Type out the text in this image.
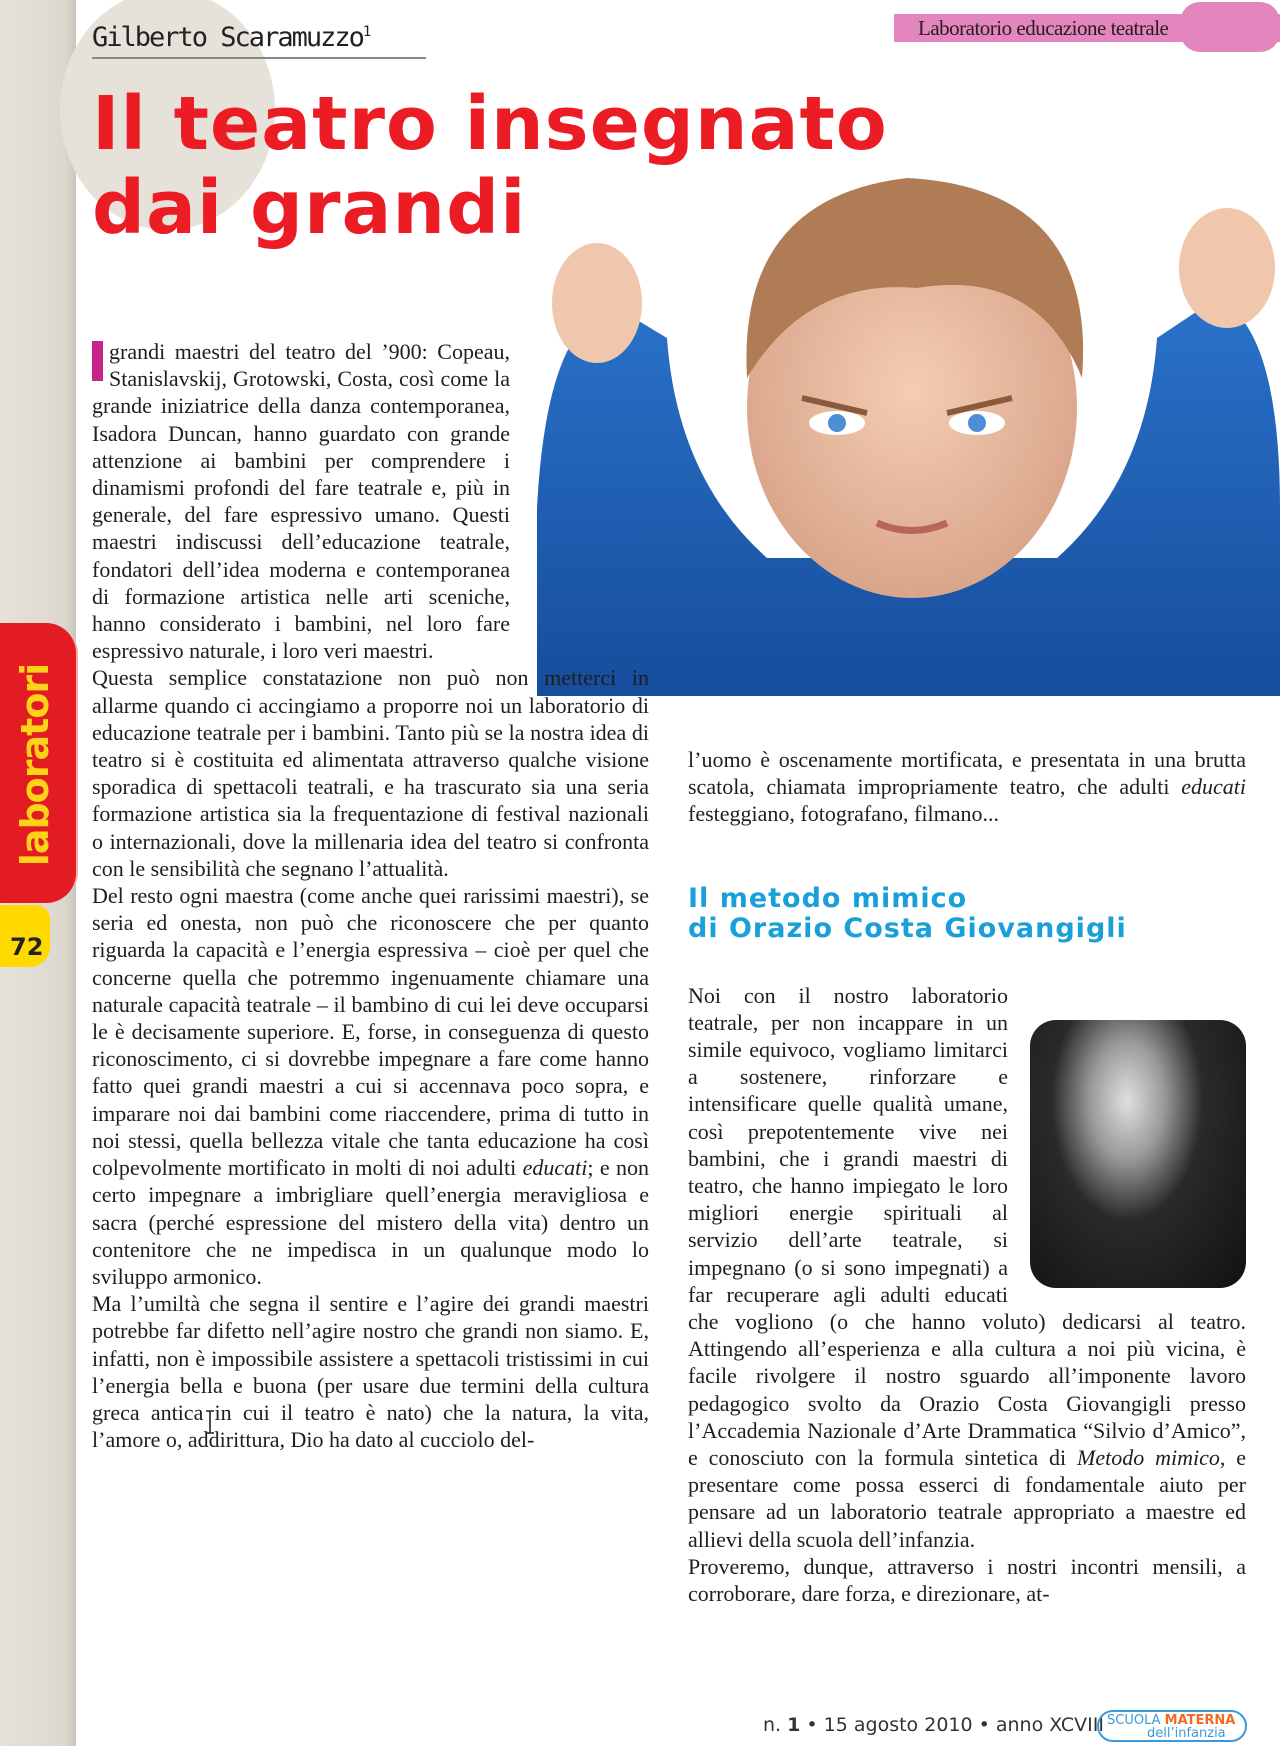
Gilberto Scaramuzzo$^1$	Laboratorio educazione teatrale
Il teatro insegnato
dai grandi
laboratori
72

grandi maestri del teatro del ’900: Copeau, Stanislavskij, Grotowski, Costa, così come la grande iniziatrice della danza contemporanea, Isadora Duncan, hanno guardato con grande attenzione ai bambini per comprendere i dinamismi profondi del fare teatrale e, più in generale, del fare espressivo umano. Questi maestri indiscussi dell’educazione teatrale, fondatori dell’idea moderna e contemporanea di formazione artistica nelle arti sceniche, hanno considerato i bambini, nel loro fare espressivo naturale, i loro veri maestri.

Questa semplice constatazione non può non metterci in allarme quando ci accingiamo a proporre noi un laboratorio di educazione teatrale per i bambini. Tanto più se la nostra idea di teatro si è costituita ed alimentata attraverso qualche visione sporadica di spettacoli teatrali, e ha trascurato sia una seria formazione artistica sia la frequentazione di festival nazionali o internazionali, dove la millenaria idea del teatro si confronta con le sensibilità che segnano l’attualità.

Del resto ogni maestra (come anche quei rarissimi maestri), se seria ed onesta, non può che riconoscere che per quanto riguarda la capacità e l’energia espressiva – cioè per quel che concerne quella che potremmo ingenuamente chiamare una naturale capacità teatrale – il bambino di cui lei deve occuparsi le è decisamente superiore. E, forse, in conseguenza di questo riconoscimento, ci si dovrebbe impegnare a fare come hanno fatto quei grandi maestri a cui si accennava poco sopra, e imparare noi dai bambini come riaccendere, prima di tutto in noi stessi, quella bellezza vitale che tanta educazione ha così colpevolmente mortificato in molti di noi adulti educati; e non certo impegnare a imbrigliare quell’energia meravigliosa e sacra (perché espressione del mistero della vita) dentro un contenitore che ne impedisca in un qualunque modo lo sviluppo armonico.

Ma l’umiltà che segna il sentire e l’agire dei grandi maestri potrebbe far difetto nell’agire nostro che grandi non siamo. E, infatti, non è impossibile assistere a spettacoli tristissimi in cui l’energia bella e buona (per usare due termini della cultura greca antica in cui il teatro è nato) che la natura, la vita, l’amore o, addirittura, Dio ha dato al cucciolo del-

l’uomo è oscenamente mortificata, e presentata in una brutta scatola, chiamata impropriamente teatro, che adulti educati festeggiano, fotografano, filmano...

Il metodo mimico
di Orazio Costa Giovangigli

Noi con il nostro laboratorio teatrale, per non incappare in un simile equivoco, vogliamo limitarci a sostenere, rinforzare e intensificare quelle qualità umane, così prepotentemente vive nei bambini, che i grandi maestri di teatro, che hanno impiegato le loro migliori energie spirituali al servizio dell’arte teatrale, si impegnano (o si sono impegnati) a far recuperare agli adulti educati che vogliono (o che hanno voluto) dedicarsi al teatro. Attingendo all’esperienza e alla cultura a noi più vicina, è facile rivolgere il nostro sguardo all’imponente lavoro pedagogico svolto da Orazio Costa Giovangigli presso l’Accademia Nazionale d’Arte Drammatica “Silvio d’Amico”, e conosciuto con la formula sintetica di Metodo mimico, e presentare come possa esserci di fondamentale aiuto per pensare ad un laboratorio teatrale appropriato a maestre ed allievi della scuola dell’infanzia.

Proveremo, dunque, attraverso i nostri incontri mensili, a corroborare, dare forza, e direzionare, at-

n. 1 • 15 agosto 2010 • anno XCVIII SCUOLA MATERNA
dell’infanzia
